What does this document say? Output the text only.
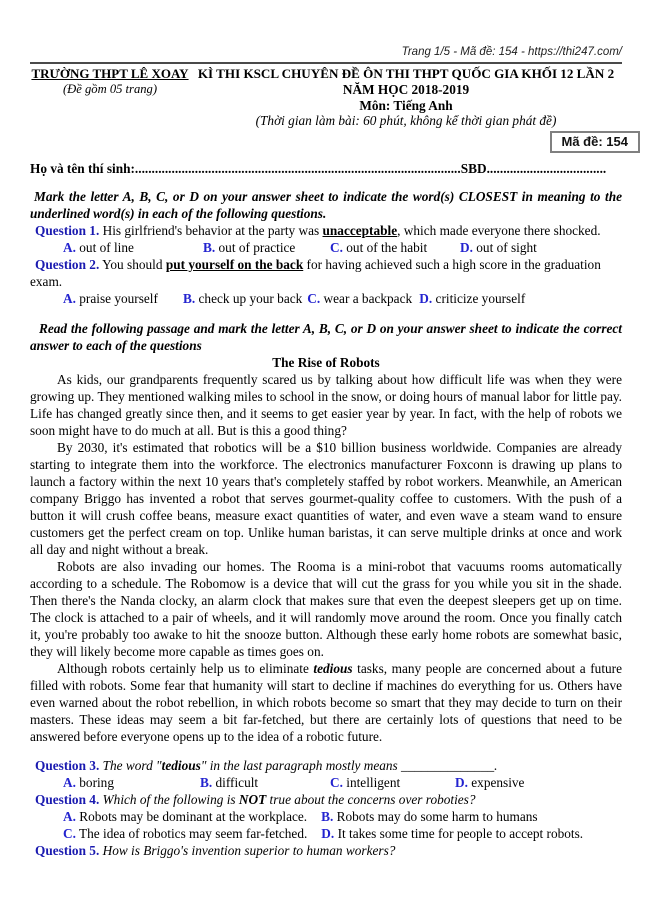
Trang 1/5 - Mã đề: 154 - https://thi247.com/
TRƯỜNG THPT LÊ XOAY
(Đề gồm 05 trang)
KÌ THI KSCL CHUYÊN ĐỀ ÔN THI THPT QUỐC GIA KHỐI 12 LẦN 2
NĂM HỌC 2018-2019
Môn: Tiếng Anh
(Thời gian làm bài: 60 phút, không kể thời gian phát đề)
Họ và tên thí sinh:..................................................................................................SBD....................................

Mark the letter A, B, C, or D on your answer sheet to indicate the word(s) CLOSEST in meaning to the underlined word(s) in each of the following questions.

Question 1. His girlfriend's behavior at the party was unacceptable, which made everyone there shocked.

A. out of line	B. out of practice	C. out of the habit D. out of sight

Question 2. You should put yourself on the back for having achieved such a high score in the graduation exam.

A. praise yourself B. check up your back C. wear a backpack D. criticize yourself

Read the following passage and mark the letter A, B, C, or D on your answer sheet to indicate the correct answer to each of the questions

The Rise of Robots

As kids, our grandparents frequently scared us by talking about how difficult life was when they were growing up. They mentioned walking miles to school in the snow, or doing hours of manual labor for little pay. Life has changed greatly since then, and it seems to get easier year by year. In fact, with the help of robots we soon might have to do much at all. But is this a good thing?

By 2030, it's estimated that robotics will be a $10 billion business worldwide. Companies are already starting to integrate them into the workforce. The electronics manufacturer Foxconn is drawing up plans to launch a factory within the next 10 years that's completely staffed by robot workers. Meanwhile, an American company Briggo has invented a robot that serves gourmet-quality coffee to customers. With the push of a button it will crush coffee beans, measure exact quantities of water, and even wave a steam wand to ensure customers get the perfect cream on top. Unlike human baristas, it can serve multiple drinks at once and work all day and night without a break.

Robots are also invading our homes. The Rooma is a mini-robot that vacuums rooms automatically according to a schedule. The Robomow is a device that will cut the grass for you while you sit in the shade. Then there's the Nanda clocky, an alarm clock that makes sure that even the deepest sleepers get up on time. The clock is attached to a pair of wheels, and it will randomly move around the room. Once you finally catch it, you're probably too awake to hit the snooze button. Although these early home robots are somewhat basic, they will likely become more capable as times goes on.

Although robots certainly help us to eliminate tedious tasks, many people are concerned about a future filled with robots. Some fear that humanity will start to decline if machines do everything for us. Others have even warned about the robot rebellion, in which robots become so smart that they may decide to turn on their masters. These ideas may seem a bit far-fetched, but there are certainly lots of questions that need to be answered before everyone opens up to the idea of a robotic future.

Question 3. The word "tedious" in the last paragraph mostly means ______________.

A. boring	B. difficult	C. intelligent	D. expensive

Question 4. Which of the following is NOT true about the concerns over roboties?

A. Robots may be dominant at the workplace. B. Robots may do some harm to humans
C. The idea of robotics may seem far-fetched. D. It takes some time for people to accept robots.

Question 5. How is Briggo's invention superior to human workers?

Mã đề: 154
